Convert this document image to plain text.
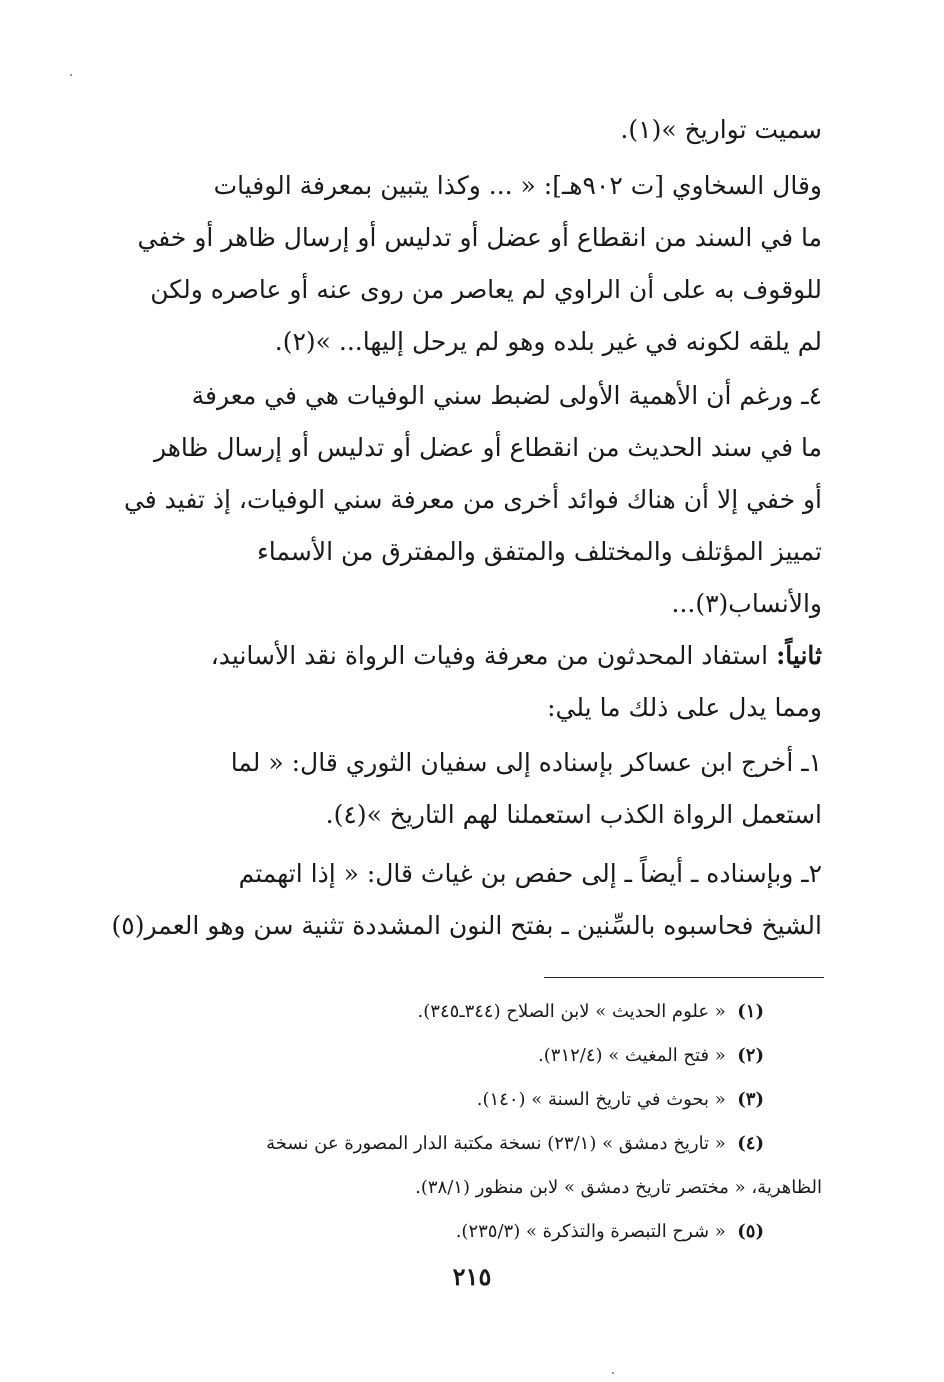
سميت تواريخ »(١).
وقال السخاوي [ت ٩٠٢هـ]: « ... وكذا يتبين بمعرفة الوفيات
ما في السند من انقطاع أو عضل أو تدليس أو إرسال ظاهر أو خفي
للوقوف به على أن الراوي لم يعاصر من روى عنه أو عاصره ولكن
لم يلقه لكونه في غير بلده وهو لم يرحل إليها... »(٢).
٤ـ ورغم أن الأهمية الأولى لضبط سني الوفيات هي في معرفة
ما في سند الحديث من انقطاع أو عضل أو تدليس أو إرسال ظاهر
أو خفي إلا أن هناك فوائد أخرى من معرفة سني الوفيات، إذ تفيد في
تمييز المؤتلف والمختلف والمتفق والمفترق من الأسماء
والأنساب(٣)...
ثانياً: استفاد المحدثون من معرفة وفيات الرواة نقد الأسانيد،
ومما يدل على ذلك ما يلي:
١ـ أخرج ابن عساكر بإسناده إلى سفيان الثوري قال: « لما
استعمل الرواة الكذب استعملنا لهم التاريخ »(٤).
٢ـ وبإسناده ـ أيضاً ـ إلى حفص بن غياث قال: « إذا اتهمتم
الشيخ فحاسبوه بالسِّنين ـ بفتح النون المشددة تثنية سن وهو العمر(٥)
(١)  « علوم الحديث » لابن الصلاح (٣٤٤ـ٣٤٥).
(٢)  « فتح المغيث » (٣١٢/٤).
(٣)  « بحوث في تاريخ السنة » (١٤٠).
(٤)  « تاريخ دمشق » (٢٣/١) نسخة مكتبة الدار المصورة عن نسخة
الظاهرية، « مختصر تاريخ دمشق » لابن منظور (٣٨/١).
(٥)  « شرح التبصرة والتذكرة » (٢٣٥/٣).
٢١٥
